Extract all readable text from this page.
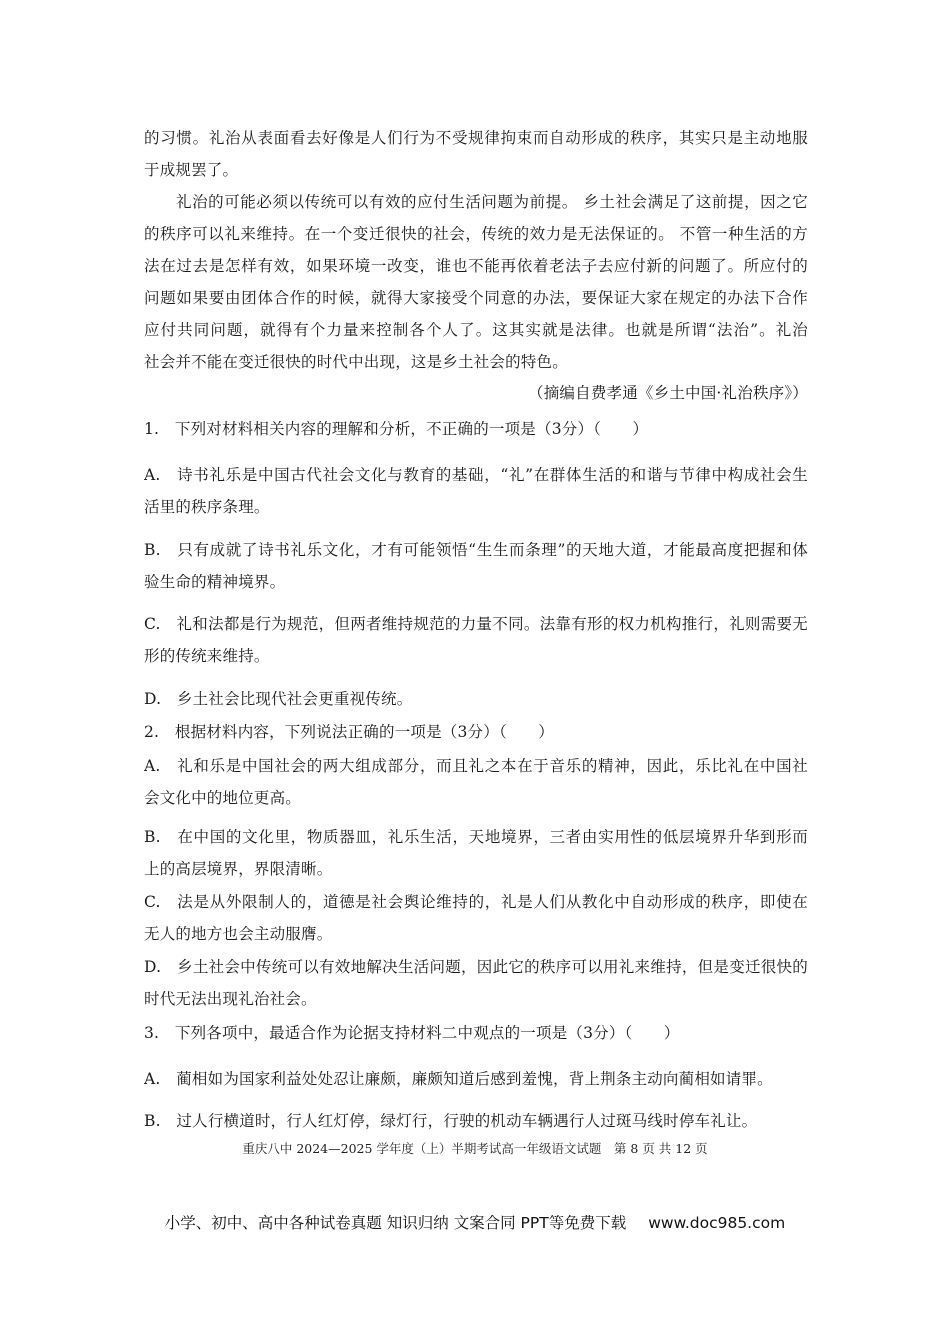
的习惯。礼治从表面看去好像是人们行为不受规律拘束而自动形成的秩序，其实只是主动地服
于成规罢了。
礼治的可能必须以传统可以有效的应付生活问题为前提。 乡土社会满足了这前提，因之它
的秩序可以礼来维持。在一个变迁很快的社会，传统的效力是无法保证的。 不管一种生活的方
法在过去是怎样有效，如果环境一改变，谁也不能再依着老法子去应付新的问题了。所应付的
问题如果要由团体合作的时候，就得大家接受个同意的办法，要保证大家在规定的办法下合作
应付共同问题，就得有个力量来控制各个人了。这其实就是法律。也就是所谓“法治”。礼治
社会并不能在变迁很快的时代中出现，这是乡土社会的特色。
（摘编自费孝通《乡土中国·礼治秩序》）
1.　下列对材料相关内容的理解和分析，不正确的一项是（3分）（　　）
A.　诗书礼乐是中国古代社会文化与教育的基础，“礼”在群体生活的和谐与节律中构成社会生
活里的秩序条理。
B.　只有成就了诗书礼乐文化，才有可能领悟“生生而条理”的天地大道，才能最高度把握和体
验生命的精神境界。
C.　礼和法都是行为规范，但两者维持规范的力量不同。法靠有形的权力机构推行，礼则需要无
形的传统来维持。
D.　乡土社会比现代社会更重视传统。
2.　根据材料内容，下列说法正确的一项是（3分）（　　）
A.　礼和乐是中国社会的两大组成部分，而且礼之本在于音乐的精神，因此，乐比礼在中国社
会文化中的地位更高。
B.　在中国的文化里，物质器皿，礼乐生活，天地境界，三者由实用性的低层境界升华到形而
上的高层境界，界限清晰。
C.　法是从外限制人的，道德是社会舆论维持的，礼是人们从教化中自动形成的秩序，即使在
无人的地方也会主动服膺。
D.　乡土社会中传统可以有效地解决生活问题，因此它的秩序可以用礼来维持，但是变迁很快的
时代无法出现礼治社会。
3.　下列各项中，最适合作为论据支持材料二中观点的一项是（3分）（　　）
A.　蔺相如为国家利益处处忍让廉颇，廉颇知道后感到羞愧，背上荆条主动向蔺相如请罪。
B.　过人行横道时，行人红灯停，绿灯行，行驶的机动车辆遇行人过斑马线时停车礼让。
重庆八中 2024—2025 学年度（上）半期考试高一年级语文试题　第 8 页 共 12 页
小学、初中、高中各种试卷真题 知识归纳 文案合同 PPT等免费下载 www.doc985.com
